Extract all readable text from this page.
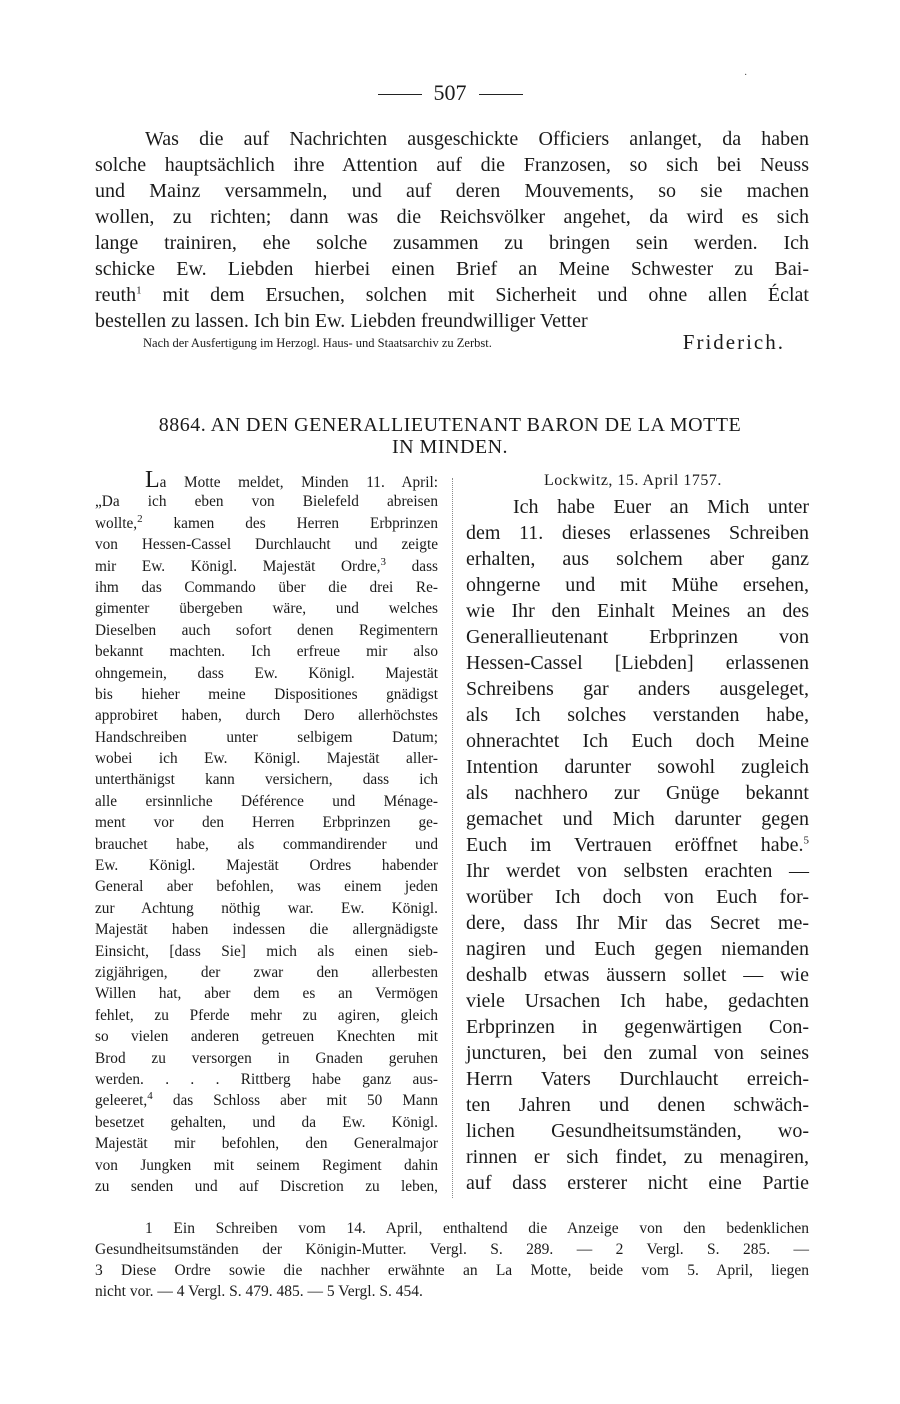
507
·
Was die auf Nachrichten ausgeschickte Officiers anlanget, da haben
solche hauptsächlich ihre Attention auf die Franzosen, so sich bei Neuss
und Mainz versammeln, und auf deren Mouvements, so sie machen
wollen, zu richten; dann was die Reichsvölker angehet, da wird es sich
lange trainiren, ehe solche zusammen zu bringen sein werden. Ich
schicke Ew. Liebden hierbei einen Brief an Meine Schwester zu Bai-
reuth$^1$ mit dem Ersuchen, solchen mit Sicherheit und ohne allen Éclat
bestellen zu lassen. Ich bin Ew. Liebden freundwilliger Vetter
Nach der Ausfertigung im Herzogl. Haus- und Staatsarchiv zu Zerbst.	Friderich.
8864. AN DEN GENERALLIEUTENANT BARON DE LA MOTTE
IN MINDEN.
La Motte meldet, Minden 11. April:
„Da ich eben von Bielefeld abreisen
wollte,$^2$ kamen des Herren Erbprinzen
von Hessen-Cassel Durchlaucht und zeigte
mir Ew. Königl. Majestät Ordre,$^3$ dass
ihm das Commando über die drei Re-
gimenter übergeben wäre, und welches
Dieselben auch sofort denen Regimentern
bekannt machten. Ich erfreue mir also
ohngemein, dass Ew. Königl. Majestät
bis hieher meine Dispositiones gnädigst
approbiret haben, durch Dero allerhöchstes
Handschreiben unter selbigem Datum;
wobei ich Ew. Königl. Majestät aller-
unterthänigst kann versichern, dass ich
alle ersinnliche Déférence und Ménage-
ment vor den Herren Erbprinzen ge-
brauchet habe, als commandirender und
Ew. Königl. Majestät Ordres habender
General aber befohlen, was einem jeden
zur Achtung nöthig war. Ew. Königl.
Majestät haben indessen die allergnädigste
Einsicht, [dass Sie] mich als einen sieb-
zigjährigen, der zwar den allerbesten
Willen hat, aber dem es an Vermögen
fehlet, zu Pferde mehr zu agiren, gleich
so vielen anderen getreuen Knechten mit
Brod zu versorgen in Gnaden geruhen
werden. . . . Rittberg habe ganz aus-
geleeret,$^4$ das Schloss aber mit 50 Mann
besetzet gehalten, und da Ew. Königl.
Majestät mir befohlen, den Generalmajor
von Jungken mit seinem Regiment dahin
zu senden und auf Discretion zu leben,
Lockwitz, 15. April 1757.
Ich habe Euer an Mich unter
dem 11. dieses erlassenes Schreiben
erhalten, aus solchem aber ganz
ohngerne und mit Mühe ersehen,
wie Ihr den Einhalt Meines an des
Generallieutenant Erbprinzen von
Hessen-Cassel [Liebden] erlassenen
Schreibens gar anders ausgeleget,
als Ich solches verstanden habe,
ohnerachtet Ich Euch doch Meine
Intention darunter sowohl zugleich
als nachhero zur Gnüge bekannt
gemachet und Mich darunter gegen
Euch im Vertrauen eröffnet habe.$^5$
Ihr werdet von selbsten erachten —
worüber Ich doch von Euch for-
dere, dass Ihr Mir das Secret me-
nagiren und Euch gegen niemanden
deshalb etwas äussern sollet — wie
viele Ursachen Ich habe, gedachten
Erbprinzen in gegenwärtigen Con-
juncturen, bei den zumal von seines
Herrn Vaters Durchlaucht erreich-
ten Jahren und denen schwäch-
lichen Gesundheitsumständen, wo-
rinnen er sich findet, zu menagiren,
auf dass ersterer nicht eine Partie
1 Ein Schreiben vom 14. April, enthaltend die Anzeige von den bedenklichen
Gesundheitsumständen der Königin-Mutter. Vergl. S. 289. — 2 Vergl. S. 285. —
3 Diese Ordre sowie die nachher erwähnte an La Motte, beide vom 5. April, liegen
nicht vor. — 4 Vergl. S. 479. 485. — 5 Vergl. S. 454.
